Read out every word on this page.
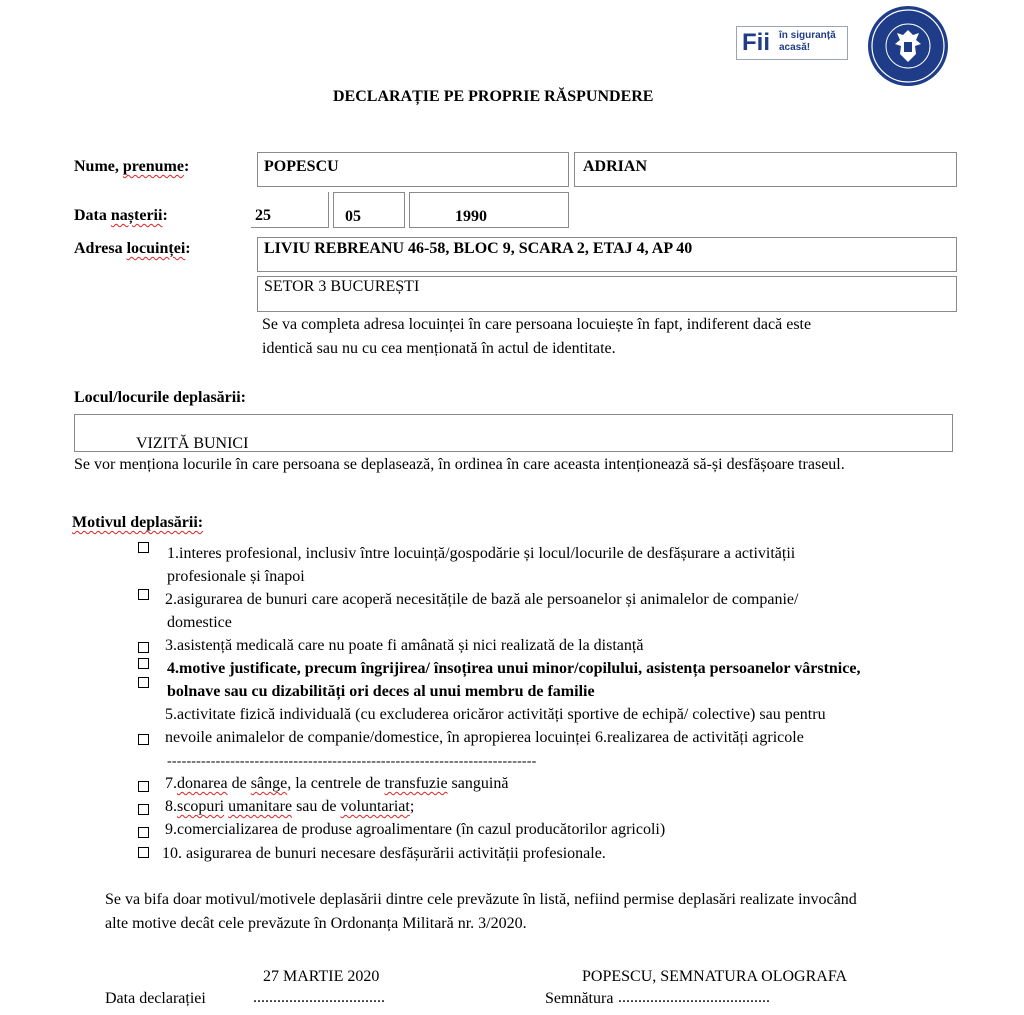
Fii în siguranță
acasă!
DECLARAȚIE PE PROPRIE RĂSPUNDERE
Nume, prenume:	POPESCU	ADRIAN
Data nașterii:	25	05	1990
Adresa locuinței:	LIVIU REBREANU 46-58, BLOC 9, SCARA 2, ETAJ 4, AP 40
SETOR 3 BUCUREȘTI
Se va completa adresa locuinței în care persoana locuiește în fapt, indiferent dacă este
identică sau nu cu cea menționată în actul de identitate.
Locul/locurile deplasării:
VIZITĂ BUNICI
Se vor menționa locurile în care persoana se deplasează, în ordinea în care aceasta intenționează să-și desfășoare traseul.
Motivul deplasării:
1.interes profesional, inclusiv între locuință/gospodărie și locul/locurile de desfășurare a activității
profesionale și înapoi
2.asigurarea de bunuri care acoperă necesitățile de bază ale persoanelor și animalelor de companie/
domestice
3.asistență medicală care nu poate fi amânată și nici realizată de la distanță
4.motive justificate, precum îngrijirea/ însoțirea unui minor/copilului, asistența persoanelor vârstnice,
bolnave sau cu dizabilități ori deces al unui membru de familie
5.activitate fizică individuală (cu excluderea oricăror activități sportive de echipă/ colective) sau pentru
nevoile animalelor de companie/domestice, în apropierea locuinței 6.realizarea de activități agricole
----------------------------------------------------------------------------
7.donarea de sânge, la centrele de transfuzie sanguină
8.scopuri umanitare sau de voluntariat;
9.comercializarea de produse agroalimentare (în cazul producătorilor agricoli)
10. asigurarea de bunuri necesare desfășurării activității profesionale.
Se va bifa doar motivul/motivele deplasării dintre cele prevăzute în listă, nefiind permise deplasări realizate invocând
alte motive decât cele prevăzute în Ordonanța Militară nr. 3/2020.
27 MARTIE 2020
Data declarației	.................................
POPESCU, SEMNATURA OLOGRAFA
Semnătura ......................................
